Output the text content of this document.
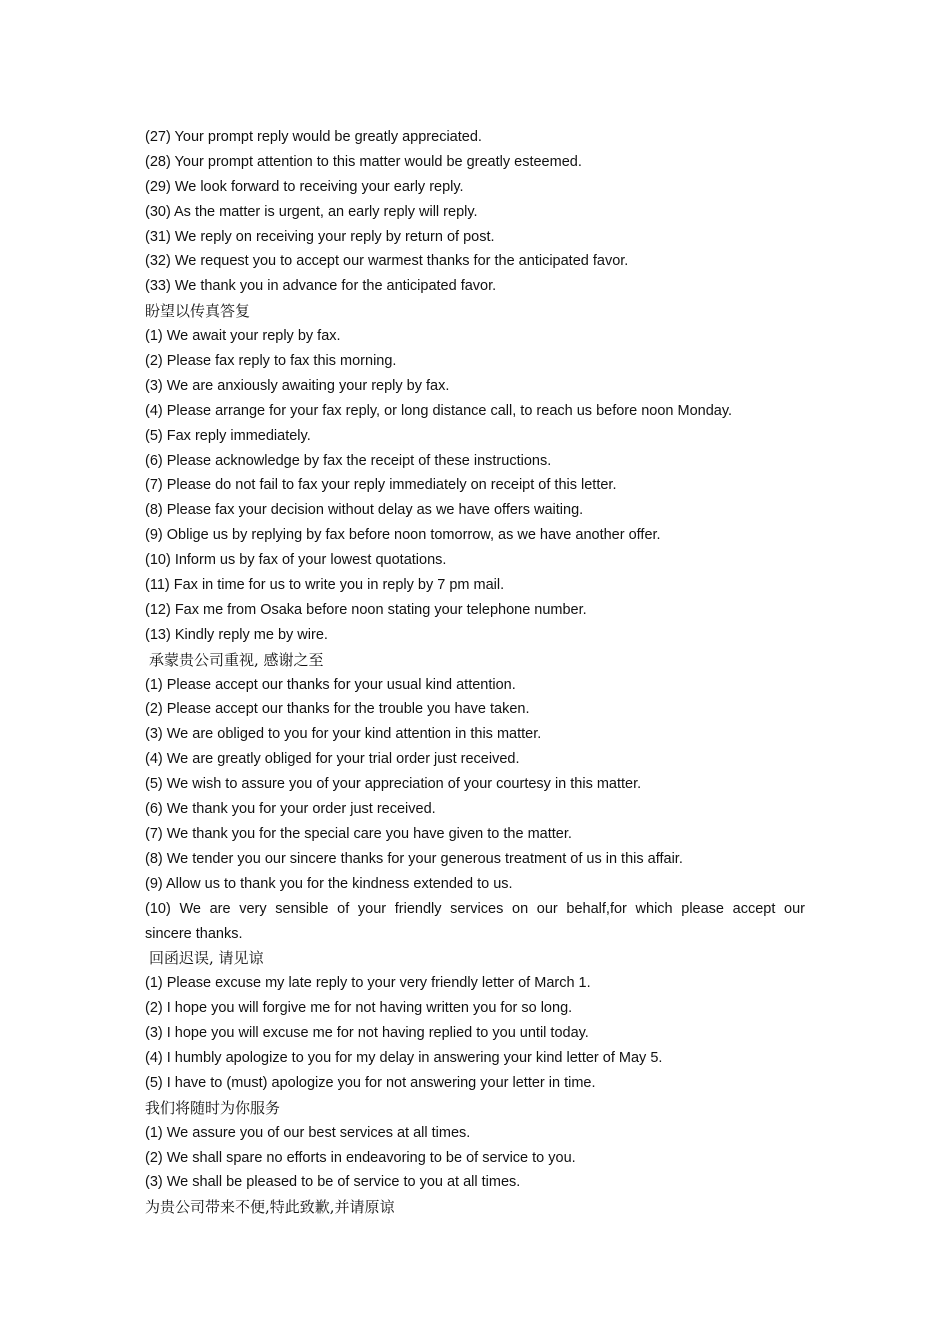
(27) Your prompt reply would be greatly appreciated.
(28) Your prompt attention to this matter would be greatly esteemed.
(29) We look forward to receiving your early reply.
(30) As the matter is urgent, an early reply will reply.
(31) We reply on receiving your reply by return of post.
(32) We request you to accept our warmest thanks for the anticipated favor.
(33) We thank you in advance for the anticipated favor.
盼望以传真答复
(1) We await your reply by fax.
(2) Please fax reply to fax this morning.
(3) We are anxiously awaiting your reply by fax.
(4) Please arrange for your fax reply, or long distance call, to reach us before noon Monday.
(5) Fax reply immediately.
(6) Please acknowledge by fax the receipt of these instructions.
(7) Please do not fail to fax your reply immediately on receipt of this letter.
(8) Please fax your decision without delay as we have offers waiting.
(9) Oblige us by replying by fax before noon tomorrow, as we have another offer.
(10) Inform us by fax of your lowest quotations.
(11) Fax in time for us to write you in reply by 7 pm mail.
(12) Fax me from Osaka before noon stating your telephone number.
(13) Kindly reply me by wire.
承蒙贵公司重视, 感谢之至
(1) Please accept our thanks for your usual kind attention.
(2) Please accept our thanks for the trouble you have taken.
(3) We are obliged to you for your kind attention in this matter.
(4) We are greatly obliged for your trial order just received.
(5) We wish to assure you of your appreciation of your courtesy in this matter.
(6) We thank you for your order just received.
(7) We thank you for the special care you have given to the matter.
(8) We tender you our sincere thanks for your generous treatment of us in this affair.
(9) Allow us to thank you for the kindness extended to us.
(10) We are very sensible of your friendly services on our behalf,for which please accept our
sincere thanks.
回函迟误, 请见谅
(1) Please excuse my late reply to your very friendly letter of March 1.
(2) I hope you will forgive me for not having written you for so long.
(3) I hope you will excuse me for not having replied to you until today.
(4) I humbly apologize to you for my delay in answering your kind letter of May 5.
(5) I have to (must) apologize you for not answering your letter in time.
我们将随时为你服务
(1) We assure you of our best services at all times.
(2) We shall spare no efforts in endeavoring to be of service to you.
(3) We shall be pleased to be of service to you at all times.
为贵公司带来不便,特此致歉,并请原谅
